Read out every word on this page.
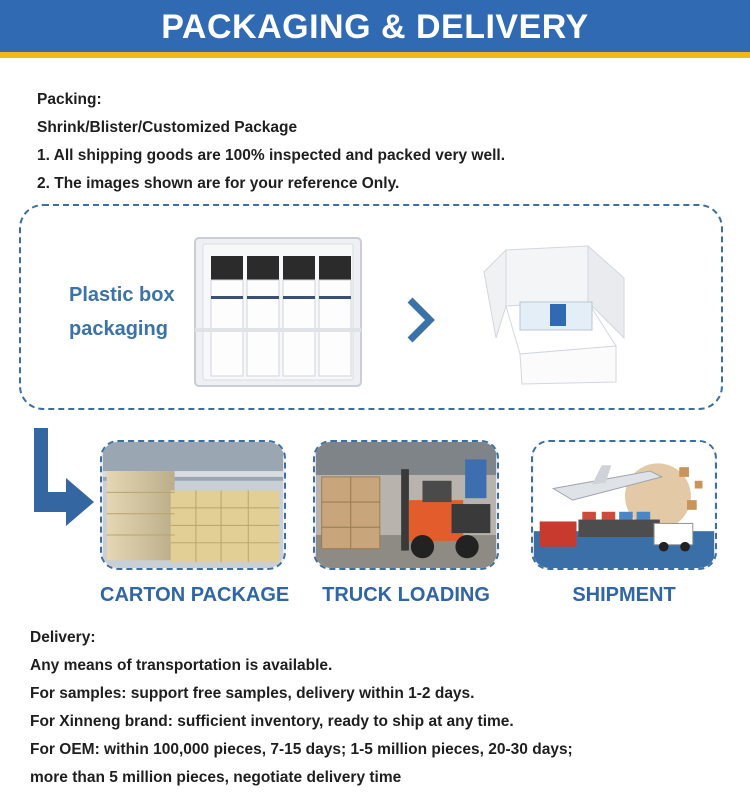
PACKAGING & DELIVERY
Packing:
Shrink/Blister/Customized Package
1. All shipping goods are 100% inspected and packed very well.
2. The images shown are for your reference Only.
Plastic box
packaging
CARTON PACKAGE	TRUCK LOADING	SHIPMENT
Delivery:
Any means of transportation is available.
For samples: support free samples, delivery within 1-2 days.
For Xinneng brand: sufficient inventory, ready to ship at any time.
For OEM: within 100,000 pieces, 7-15 days; 1-5 million pieces, 20-30 days;
more than 5 million pieces, negotiate delivery time
